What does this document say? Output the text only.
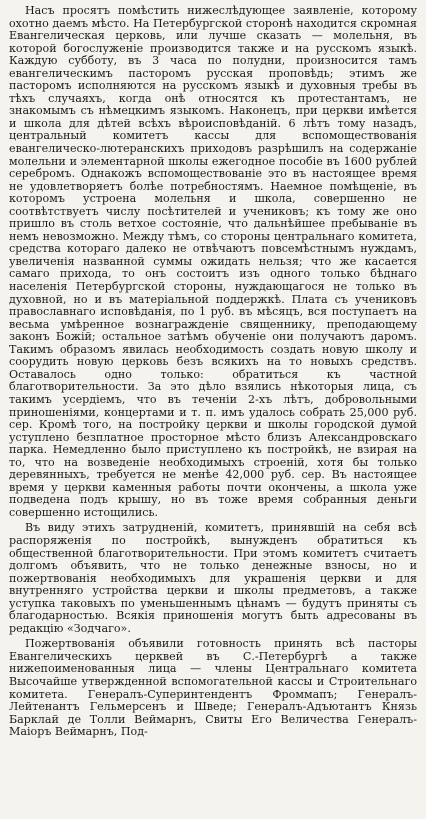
Насъ просятъ помѣстить нижеслѣдующее заявленіе, которому охотно даемъ мѣсто. На Петербургской сторонѣ находится скромная Евангелическая церковь, или лучше сказать — молельня, въ которой богослуженіе производится также и на русскомъ языкѣ. Каждую субботу, въ 3 часа по полудни, произносится тамъ евангелическимъ пасторомъ русская проповѣдь; этимъ же пасторомъ исполняются на русскомъ языкѣ и духовныя требы въ тѣхъ случаяхъ, когда онѣ относятся къ протестантамъ, не знакомымъ съ нѣмецкимъ языкомъ. Наконецъ, при церкви имѣется и школа для дѣтей всѣхъ вѣроисповѣданій. 6 лѣтъ тому назадъ, центральный комитетъ кассы для вспомоществованія евангелическо-лютеранскихъ приходовъ разрѣшилъ на содержаніе молельни и элементарной школы ежегодное пособіе въ 1600 рублей серебромъ. Однакожъ вспомоществованіе это въ настоящее время не удовлетворяетъ болѣе потребностямъ. Наемное помѣщеніе, въ которомъ устроена молельня и школа, совершенно не соотвѣтствуетъ числу посѣтителей и учениковъ; къ тому же оно пришло въ столь ветхое состояніе, что дальнѣйшее пребываніе въ немъ невозможно. Между тѣмъ, со стороны центральнаго комитета, средства котораго далеко не отвѣчаютъ повсемѣстнымъ нуждамъ, увеличенія названной суммы ожидать нельзя; что же касается самаго прихода, то онъ состоитъ изъ одного только бѣднаго населенія Петербургской стороны, нуждающагося не только въ духовной, но и въ матеріальной поддержкѣ. Плата съ учениковъ православнаго исповѣданія, по 1 руб. въ мѣсяцъ, вся поступаетъ на весьма умѣренное вознагражденіе священнику, преподающему законъ Божій; остальное затѣмъ обученіе они получаютъ даромъ. Такимъ образомъ явилась необходимость создать новую школу и соорудить новую церковь безъ всякихъ на то новыхъ средствъ. Оставалось одно только: обратиться къ частной благотворительности. За это дѣло взялись нѣкоторыя лица, съ такимъ усердіемъ, что въ теченіи 2-хъ лѣтъ, добровольными приношеніями, концертами и т. п. имъ удалось собрать 25,000 руб. сер. Кромѣ того, на постройку церкви и школы городской думой уступлено безплатное просторное мѣсто близъ Александровскаго парка. Немедленно было приступлено къ постройкѣ, не взирая на то, что на возведеніе необходимыхъ строеній, хотя бы только деревянныхъ, требуется не менѣе 42,000 руб. сер. Въ настоящее время у церкви каменныя работы почти окончены, а школа уже подведена подъ крышу, но въ тоже время собранныя деньги совершенно истощились.

Въ виду этихъ затрудненій, комитетъ, принявшій на себя всѣ распоряженія по постройкѣ, вынужденъ обратиться къ общественной благотворительности. При этомъ комитетъ считаетъ долгомъ объявить, что не только денежные взносы, но и пожертвованія необходимыхъ для украшенія церкви и для внутренняго устройства церкви и школы предметовъ, а также уступка таковыхъ по уменьшеннымъ цѣнамъ — будутъ приняты съ благодарностью. Всякія приношенія могутъ быть адресованы въ редакцію «Зодчаго».

Пожертвованія объявили готовность принять всѣ пасторы Евангелическихъ церквей въ С.-Петербургѣ а также нижепоименованныя лица — члены Центральнаго комитета Высочайше утвержденной вспомогательной кассы и Строительнаго комитета. Генералъ-Суперинтендентъ Фроммапъ; Генералъ-Лейтенантъ Гельмерсенъ и Шведе; Генералъ-Адъютантъ Князь Барклай де Толли Веймарнъ, Свиты Его Величества Генералъ-Маіоръ Веймарнъ, Под-
